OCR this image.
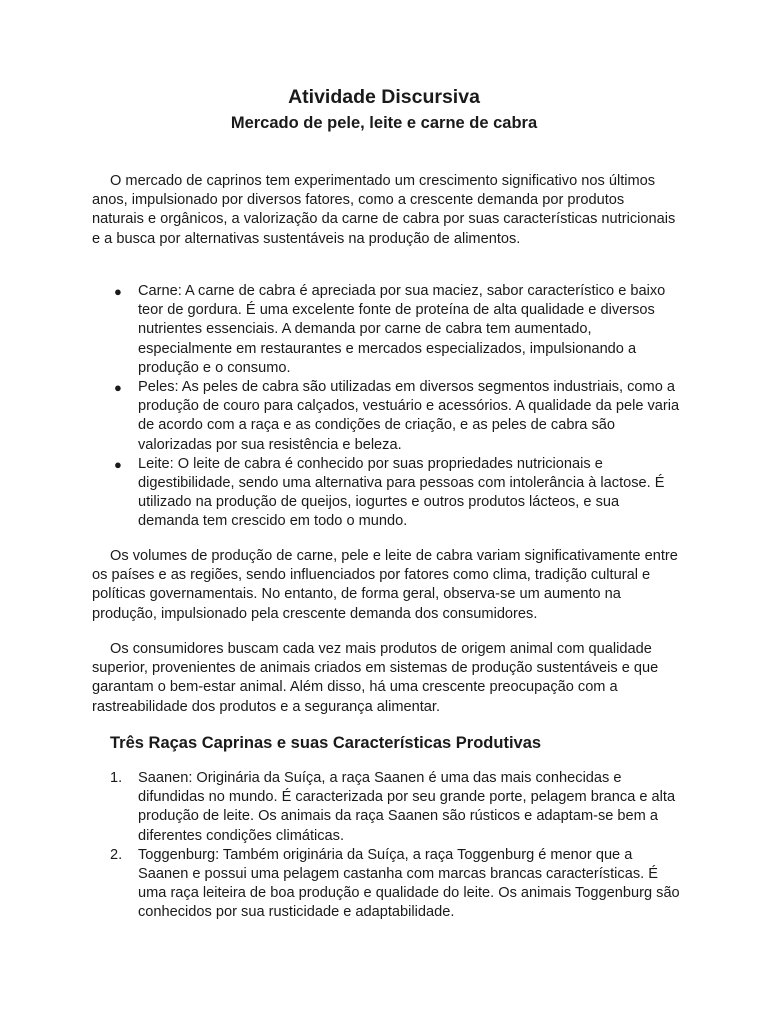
Atividade Discursiva
Mercado de pele, leite e carne de cabra

O mercado de caprinos tem experimentado um crescimento significativo nos últimos anos, impulsionado por diversos fatores, como a crescente demanda por produtos naturais e orgânicos, a valorização da carne de cabra por suas características nutricionais e a busca por alternativas sustentáveis na produção de alimentos.

● Carne: A carne de cabra é apreciada por sua maciez, sabor característico e baixo teor de gordura. É uma excelente fonte de proteína de alta qualidade e diversos nutrientes essenciais. A demanda por carne de cabra tem aumentado, especialmente em restaurantes e mercados especializados, impulsionando a produção e o consumo.
● Peles: As peles de cabra são utilizadas em diversos segmentos industriais, como a produção de couro para calçados, vestuário e acessórios. A qualidade da pele varia de acordo com a raça e as condições de criação, e as peles de cabra são valorizadas por sua resistência e beleza.
● Leite: O leite de cabra é conhecido por suas propriedades nutricionais e digestibilidade, sendo uma alternativa para pessoas com intolerância à lactose. É utilizado na produção de queijos, iogurtes e outros produtos lácteos, e sua demanda tem crescido em todo o mundo.

Os volumes de produção de carne, pele e leite de cabra variam significativamente entre os países e as regiões, sendo influenciados por fatores como clima, tradição cultural e políticas governamentais. No entanto, de forma geral, observa-se um aumento na produção, impulsionado pela crescente demanda dos consumidores.

Os consumidores buscam cada vez mais produtos de origem animal com qualidade superior, provenientes de animais criados em sistemas de produção sustentáveis e que garantam o bem-estar animal. Além disso, há uma crescente preocupação com a rastreabilidade dos produtos e a segurança alimentar.

Três Raças Caprinas e suas Características Produtivas
1. Saanen: Originária da Suíça, a raça Saanen é uma das mais conhecidas e difundidas no mundo. É caracterizada por seu grande porte, pelagem branca e alta produção de leite. Os animais da raça Saanen são rústicos e adaptam-se bem a diferentes condições climáticas.
2. Toggenburg: Também originária da Suíça, a raça Toggenburg é menor que a Saanen e possui uma pelagem castanha com marcas brancas características. É uma raça leiteira de boa produção e qualidade do leite. Os animais Toggenburg são conhecidos por sua rusticidade e adaptabilidade.
